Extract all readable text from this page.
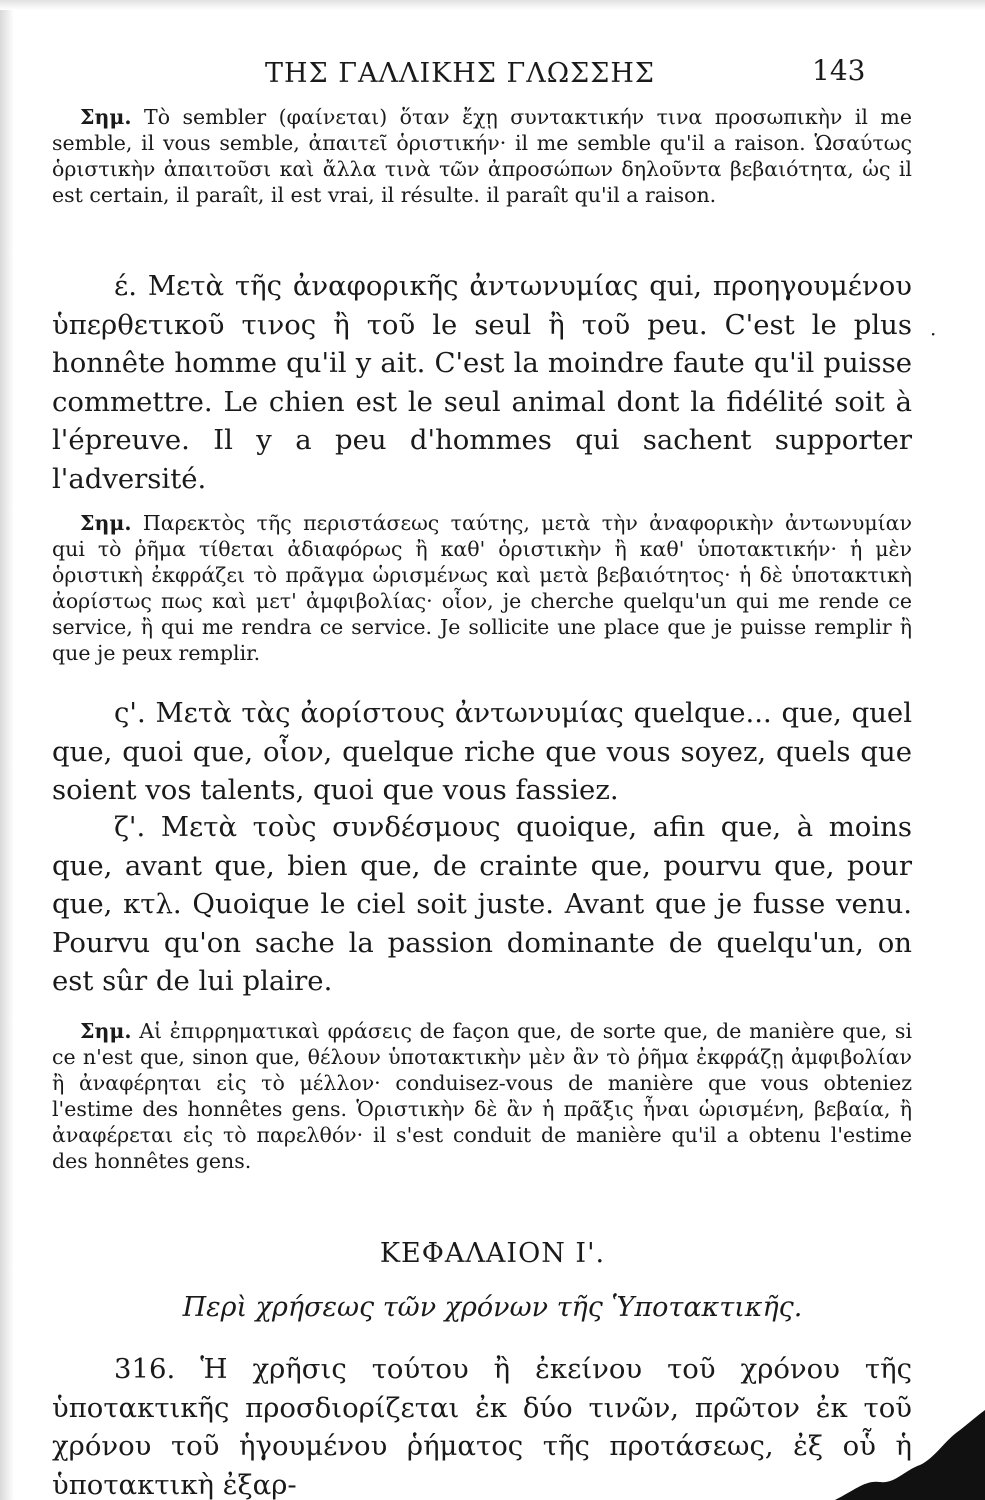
ΤΗΣ ΓΑΛΛΙΚΗΣ ΓΛΩΣΣΗΣ	143
Σημ. Τὸ sembler (φαίνεται) ὅταν ἔχῃ συντακτικήν τινα προσωπικὴν il me semble, il vous semble, ἀπαιτεῖ ὁριστικήν· il me semble qu'il a raison. Ὡσαύτως ὁριστικὴν ἀπαιτοῦσι καὶ ἄλλα τινὰ τῶν ἀπροσώπων δηλοῦντα βεβαιότητα, ὡς il est certain, il paraît, il est vrai, il résulte. il paraît qu'il a raison.
έ. Μετὰ τῆς ἀναφορικῆς ἀντωνυμίας qui, προηγουμένου ὑπερθετικοῦ τινος ἢ τοῦ le seul ἢ τοῦ peu. C'est le plus honnête homme qu'il y ait. C'est la moindre faute qu'il puisse commettre. Le chien est le seul animal dont la fidélité soit à l'épreuve. Il y a peu d'hommes qui sachent supporter l'adversité.
Σημ. Παρεκτὸς τῆς περιστάσεως ταύτης, μετὰ τὴν ἀναφορικὴν ἀντωνυμίαν qui τὸ ῥῆμα τίθεται ἀδιαφόρως ἢ καθ' ὁριστικὴν ἢ καθ' ὑποτακτικήν· ἡ μὲν ὁριστικὴ ἐκφράζει τὸ πρᾶγμα ὡρισμένως καὶ μετὰ βεβαιότητος· ἡ δὲ ὑποτακτικὴ ἀορίστως πως καὶ μετ' ἀμφιβολίας· οἷον, je cherche quelqu'un qui me rende ce service, ἢ qui me rendra ce service. Je sollicite une place que je puisse remplir ἢ que je peux remplir.
ς'. Μετὰ τὰς ἀορίστους ἀντωνυμίας quelque... que, quel que, quoi que, οἷον, quelque riche que vous soyez, quels que soient vos talents, quoi que vous fassiez.
ζ'. Μετὰ τοὺς συνδέσμους quoique, afin que, à moins que, avant que, bien que, de crainte que, pourvu que, pour que, κτλ. Quoique le ciel soit juste. Avant que je fusse venu. Pourvu qu'on sache la passion dominante de quelqu'un, on est sûr de lui plaire.
Σημ. Αἱ ἐπιρρηματικαὶ φράσεις de façon que, de sorte que, de manière que, si ce n'est que, sinon que, θέλουν ὑποτακτικὴν μὲν ἂν τὸ ῥῆμα ἐκφράζῃ ἀμφιβολίαν ἢ ἀναφέρηται εἰς τὸ μέλλον· conduisez-vous de manière que vous obteniez l'estime des honnêtes gens. Ὁριστικὴν δὲ ἂν ἡ πρᾶξις ἦναι ὡρισμένη, βεβαία, ἢ ἀναφέρεται εἰς τὸ παρελθόν· il s'est conduit de manière qu'il a obtenu l'estime des honnêtes gens.
ΚΕΦΑΛΑΙΟΝ Ι'.
Περὶ χρήσεως τῶν χρόνων τῆς Ὑποτακτικῆς.
316. Ἡ χρῆσις τούτου ἢ ἐκείνου τοῦ χρόνου τῆς ὑποτακτικῆς προσδιορίζεται ἐκ δύο τινῶν, πρῶτον ἐκ τοῦ χρόνου τοῦ ἡγουμένου ῥήματος τῆς προτάσεως, ἐξ οὗ ἡ ὑποτακτικὴ ἐξαρ-
·
